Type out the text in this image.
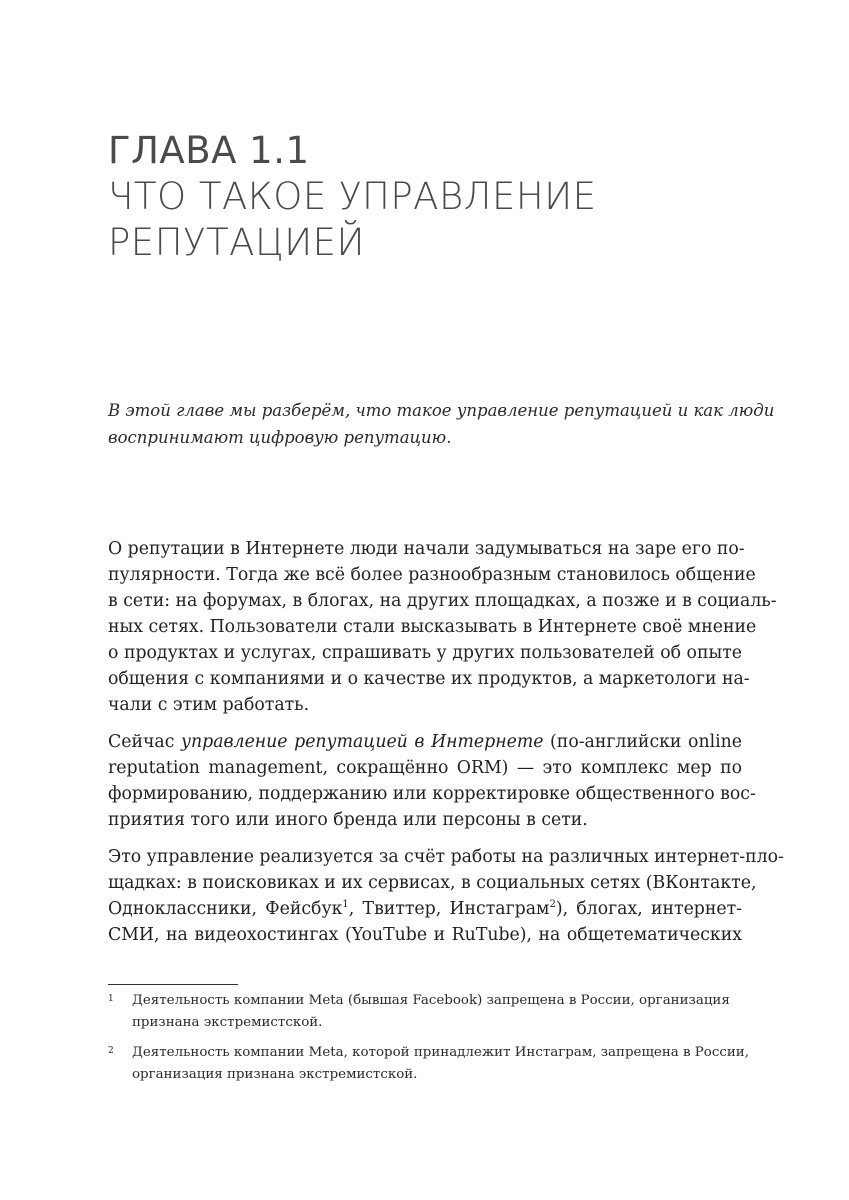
ГЛАВА 1.1
ЧТО ТАКОЕ УПРАВЛЕНИЕ
РЕПУТАЦИЕЙ
В этой главе мы разберём, что такое управление репутацией и как люди
воспринимают цифровую репутацию.

О репутации в Интернете люди начали задумываться на заре его по-
пулярности. Тогда же всё более разнообразным становилось общение
в сети: на форумах, в блогах, на других площадках, а позже и в социаль-
ных сетях. Пользователи стали высказывать в Интернете своё мнение
о продуктах и услугах, спрашивать у других пользователей об опыте
общения с компаниями и о качестве их продуктов, а маркетологи на-
чали с этим работать.

Сейчас управление репутацией в Интернете (по-английски online
reputation management, сокращённо ORM) — это комплекс мер по
формированию, поддержанию или корректировке общественного вос-
приятия того или иного бренда или персоны в сети.

Это управление реализуется за счёт работы на различных интернет-пло-
щадках: в поисковиках и их сервисах, в социальных сетях (ВКонтакте,
Одноклассники, Фейсбук$^1$, Твиттер, Инстаграм$^2$), блогах, интернет-
СМИ, на видеохостингах (YouTube и RuTube), на общетематических

1 Деятельность компании Meta (бывшая Facebook) запрещена в России, организация
признана экстремистской.
2 Деятельность компании Meta, которой принадлежит Инстаграм, запрещена в России,
организация признана экстремистской.
